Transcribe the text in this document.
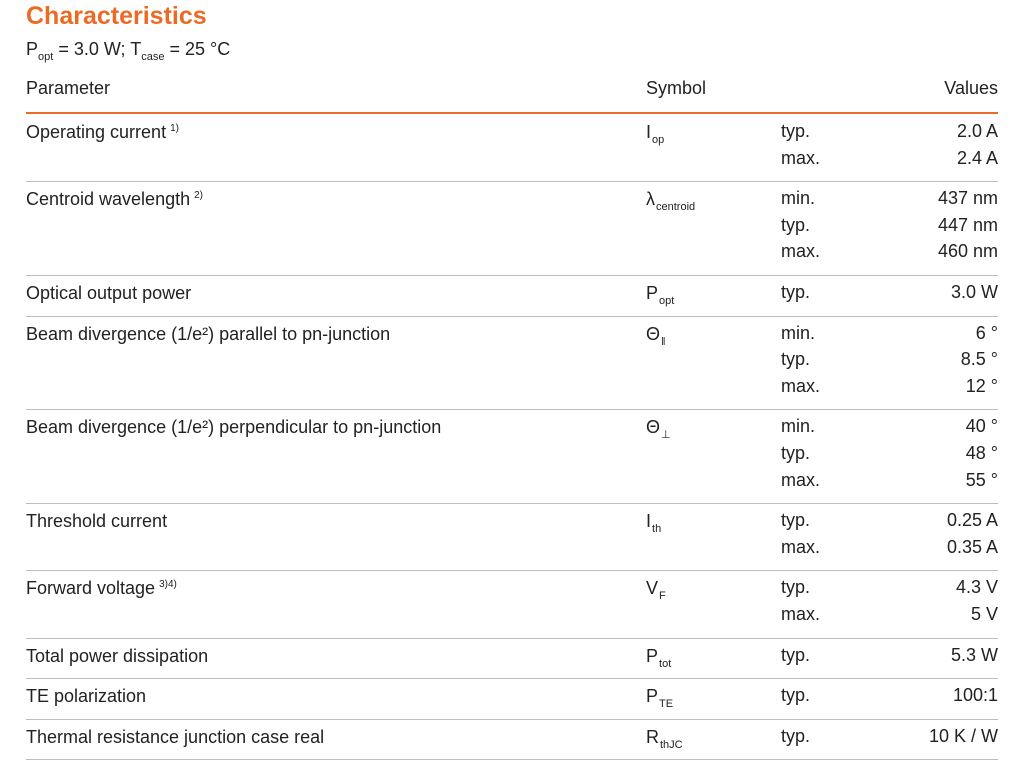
Characteristics
$P_{opt} = 3.0$ W; $T_{case} = 25$ °C
Parameter	Symbol	Values
Operating current $^{1)}$	$I_{op}$	typ.	2.0 A
max.	2.4 A
Centroid wavelength $^{2)}$	$\lambda_{centroid}$	min.	437 nm
typ.	447 nm
max.	460 nm
Optical output power	$P_{opt}$	typ.	3.0 W
Beam divergence (1/e²) parallel to pn-junction	$\Theta_ǁ$	min.	6 °
typ.	8.5 °
max.	12 °
Beam divergence (1/e²) perpendicular to pn-junction	$\Theta_\perp$	min.	40 °
typ.	48 °
max.	55 °
Threshold current	$I_{th}$	typ.	0.25 A
max.	0.35 A
Forward voltage $^{3)4)}$	$V_F$	typ.	4.3 V
max.	5 V
Total power dissipation	$P_{tot}$	typ.	5.3 W
TE polarization	$P_{TE}$	typ.	100:1
Thermal resistance junction case real	$R_{thJC}$	typ.	10 K / W
